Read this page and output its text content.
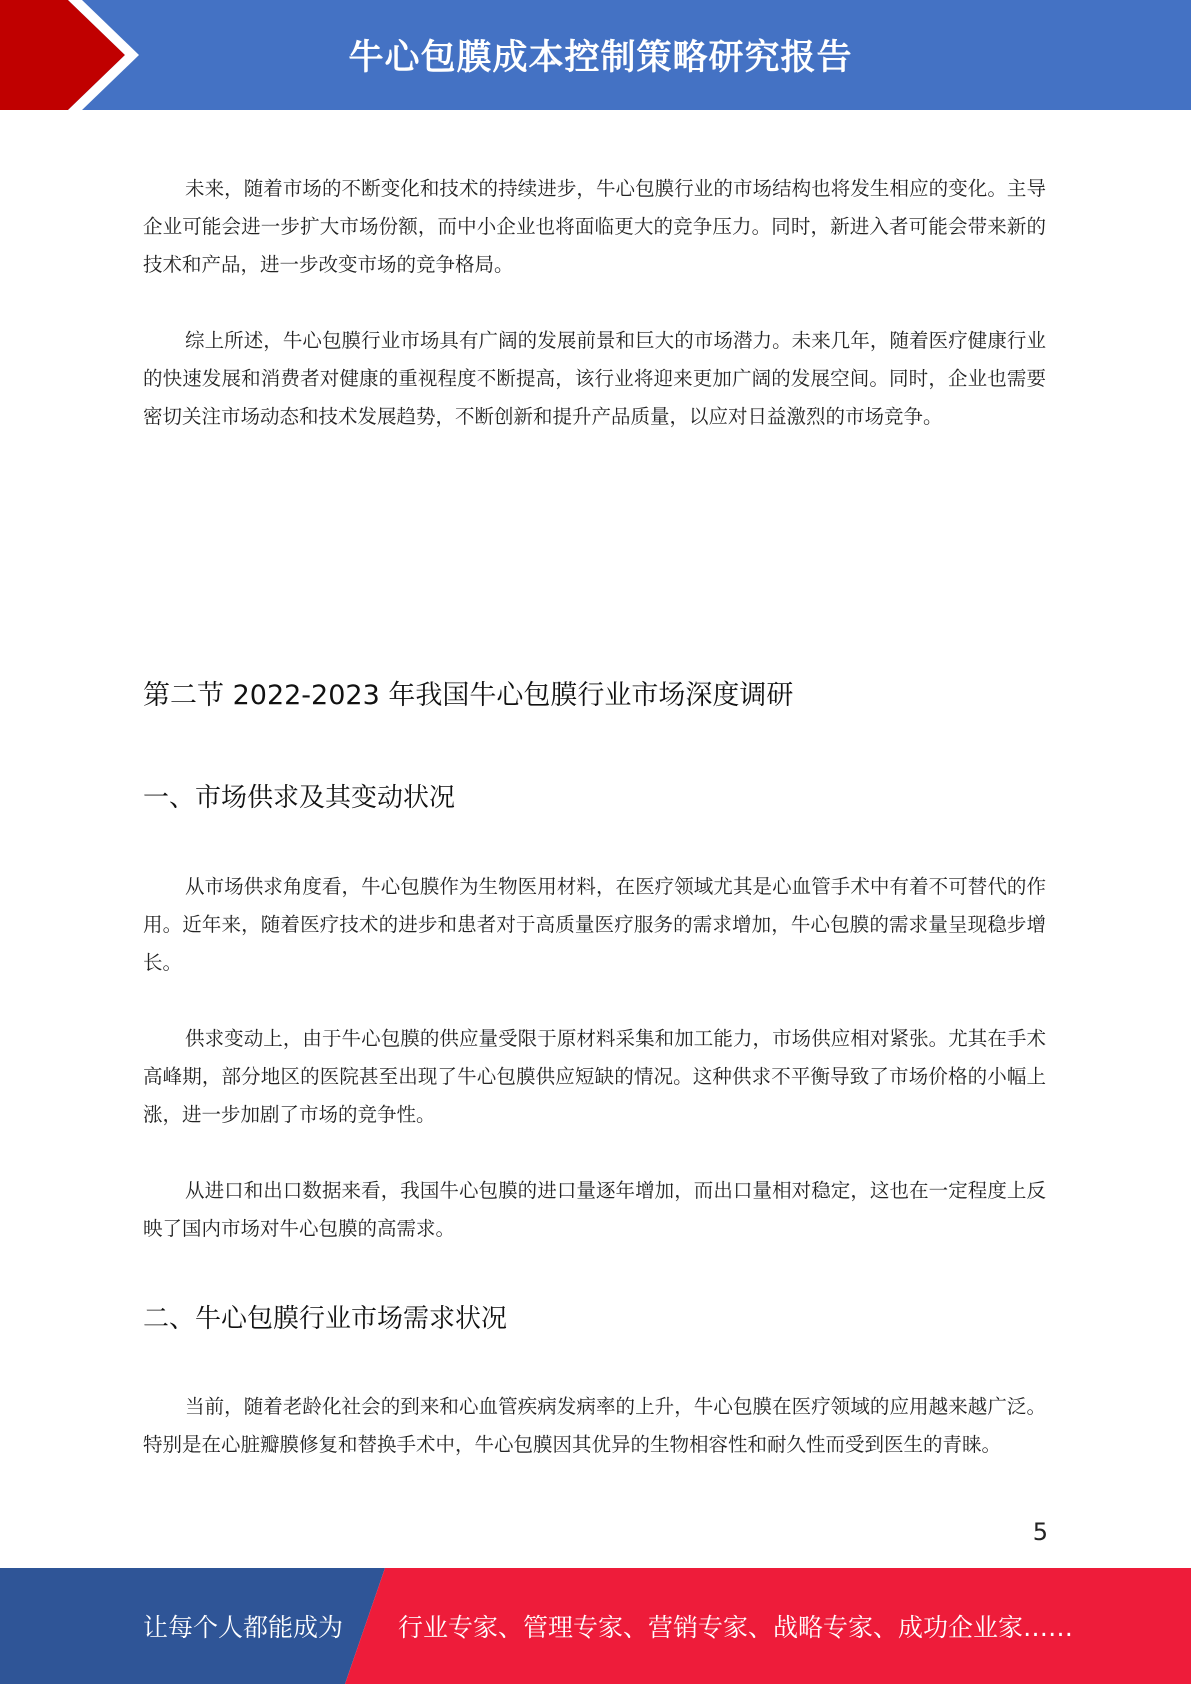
牛心包膜成本控制策略研究报告

未来，随着市场的不断变化和技术的持续进步，牛心包膜行业的市场结构也将发生相应的变化。主导企业可能会进一步扩大市场份额，而中小企业也将面临更大的竞争压力。同时，新进入者可能会带来新的技术和产品，进一步改变市场的竞争格局。

综上所述，牛心包膜行业市场具有广阔的发展前景和巨大的市场潜力。未来几年，随着医疗健康行业的快速发展和消费者对健康的重视程度不断提高，该行业将迎来更加广阔的发展空间。同时，企业也需要密切关注市场动态和技术发展趋势，不断创新和提升产品质量，以应对日益激烈的市场竞争。

第二节 2022-2023 年我国牛心包膜行业市场深度调研
一、市场供求及其变动状况

从市场供求角度看，牛心包膜作为生物医用材料，在医疗领域尤其是心血管手术中有着不可替代的作用。近年来，随着医疗技术的进步和患者对于高质量医疗服务的需求增加，牛心包膜的需求量呈现稳步增长。

供求变动上，由于牛心包膜的供应量受限于原材料采集和加工能力，市场供应相对紧张。尤其在手术高峰期，部分地区的医院甚至出现了牛心包膜供应短缺的情况。这种供求不平衡导致了市场价格的小幅上涨，进一步加剧了市场的竞争性。

从进口和出口数据来看，我国牛心包膜的进口量逐年增加，而出口量相对稳定，这也在一定程度上反映了国内市场对牛心包膜的高需求。

二、牛心包膜行业市场需求状况

当前，随着老龄化社会的到来和心血管疾病发病率的上升，牛心包膜在医疗领域的应用越来越广泛。特别是在心脏瓣膜修复和替换手术中，牛心包膜因其优异的生物相容性和耐久性而受到医生的青睐。

5
让每个人都能成为 行业专家、管理专家、营销专家、战略专家、成功企业家……
